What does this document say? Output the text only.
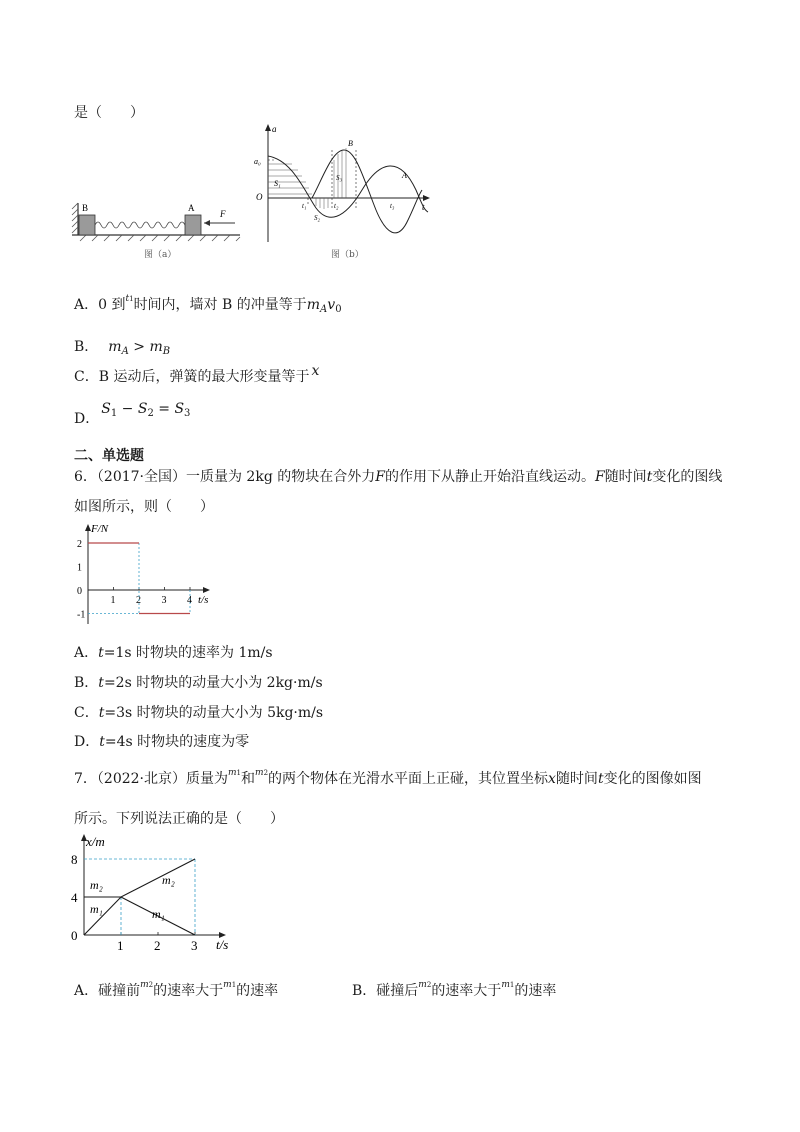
是（　　）
B	A
F
图（a）
a
t
O
a₀
B
A
S₁
S₂
S₃
t₁	t₂	t₃
图（b）
A．0 到$^{t1}$时间内，墙对 B 的冲量等于$m_Av_0$
B． $m_A > m_B$
C．B 运动后，弹簧的最大形变量等于 x
D．$S_1 - S_2 = S_3$
二、单选题
6．（2017·全国）一质量为 2kg 的物块在合外力F的作用下从静止开始沿直线运动。F随时间t变化的图线
如图所示，则（　　）
F/N
t/s
-1
0
1
2
1 2 3 4
A．t=1s 时物块的速率为 1m/s
B．t=2s 时物块的动量大小为 2kg·m/s
C．t=3s 时物块的动量大小为 5kg·m/s
D．t=4s 时物块的速度为零
7．（2022·北京）质量为$^{m1}$和$^{m2}$的两个物体在光滑水平面上正碰，其位置坐标x随时间t变化的图像如图
所示。下列说法正确的是（　　）
x/m
t/s
0
4
8
1 2 3
m₂
m₁
m₂
m₁
A．碰撞前$^{m2}$的速率大于$^{m1}$的速率	B．碰撞后$^{m2}$的速率大于$^{m1}$的速率
